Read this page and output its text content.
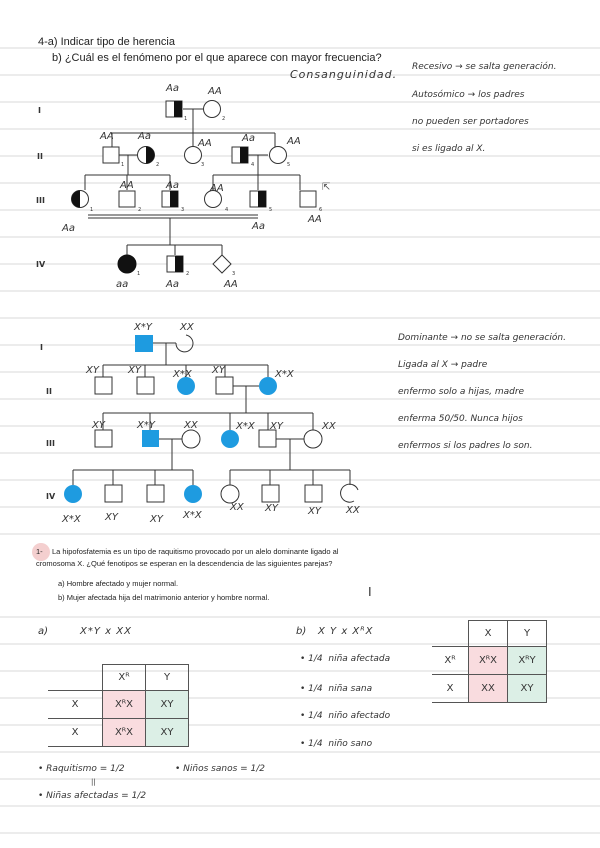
4-a) Indicar tipo de herencia
b) ¿Cuál es el fenómeno por el que aparece con mayor frecuencia?
Consanguinidad.
Recesivo → se salta generación.
Autosómico → los padres
no pueden ser portadores
si es ligado al X.
⇱
I
II
III
IV
1	2
1	2	3	4	5
1	2	3	4	5	6
1	2	3
Aa	AA
AA Aa
AA	Aa	AA
AA	Aa	AA
Aa	Aa
AA
aa	Aa	AA
Dominante → no se salta generación.
Ligada al X → padre
enfermo solo a hijas, madre
enferma 50/50. Nunca hijos
enfermos si los padres lo son.
I
II
III
IV
X*Y	XX
XY	XY	X*X XY	X*X
XY	X*Y	XX	X*X XY	XX
X*X XY	XY X*X
XX XY	XY	XX
1- La hipofosfatemia es un tipo de raquitismo provocado por un alelo dominante ligado al
cromosoma X. ¿Qué fenotipos se esperan en la descendencia de las siguientes parejas?
a) Hombre afectado y mujer normal.
b) Mujer afectada hija del matrimonio anterior y hombre normal.	I
a)	X*Y x XX
	Xᴿ	Y
X	XᴿX	XY
X	XᴿX	XY
• Raquitismo = 1/2	• Niños sanos = 1/2
||
• Niñas afectadas = 1/2
b) X Y x XᴿX
• 1/4 niña afectada
• 1/4 niña sana
• 1/4 niño afectado
• 1/4 niño sano
	X	Y
Xᴿ	XᴿX	XᴿY
X	XX	XY
